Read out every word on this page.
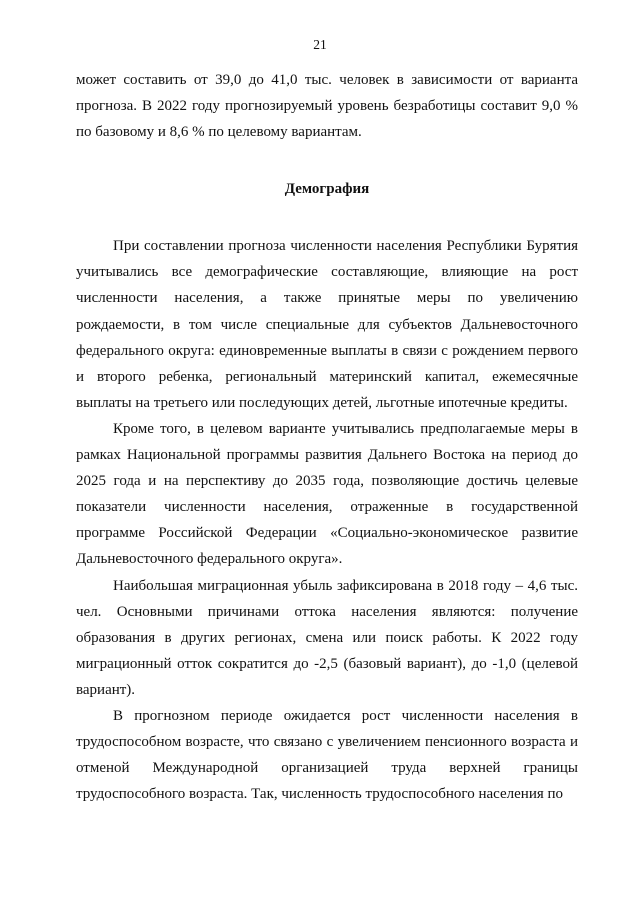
21

может составить от 39,0 до 41,0 тыс. человек в зависимости от варианта прогноза. В 2022 году прогнозируемый уровень безработицы составит 9,0 % по базовому и 8,6 % по целевому вариантам.

Демография

При составлении прогноза численности населения Республики Бурятия учитывались все демографические составляющие, влияющие на рост численности населения, а также принятые меры по увеличению рождаемости, в том числе специальные для субъектов Дальневосточного федерального округа: единовременные выплаты в связи с рождением первого и второго ребенка, региональный материнский капитал, ежемесячные выплаты на третьего или последующих детей, льготные ипотечные кредиты.

Кроме того, в целевом варианте учитывались предполагаемые меры в рамках Национальной программы развития Дальнего Востока на период до 2025 года и на перспективу до 2035 года, позволяющие достичь целевые показатели численности населения, отраженные в государственной программе Российской Федерации «Социально-экономическое развитие Дальневосточного федерального округа».

Наибольшая миграционная убыль зафиксирована в 2018 году – 4,6 тыс. чел. Основными причинами оттока населения являются: получение образования в других регионах, смена или поиск работы. К 2022 году миграционный отток сократится до -2,5 (базовый вариант), до -1,0 (целевой вариант).

В прогнозном периоде ожидается рост численности населения в трудоспособном возрасте, что связано с увеличением пенсионного возраста и отменой Международной организацией труда верхней границы трудоспособного возраста. Так, численность трудоспособного населения по
